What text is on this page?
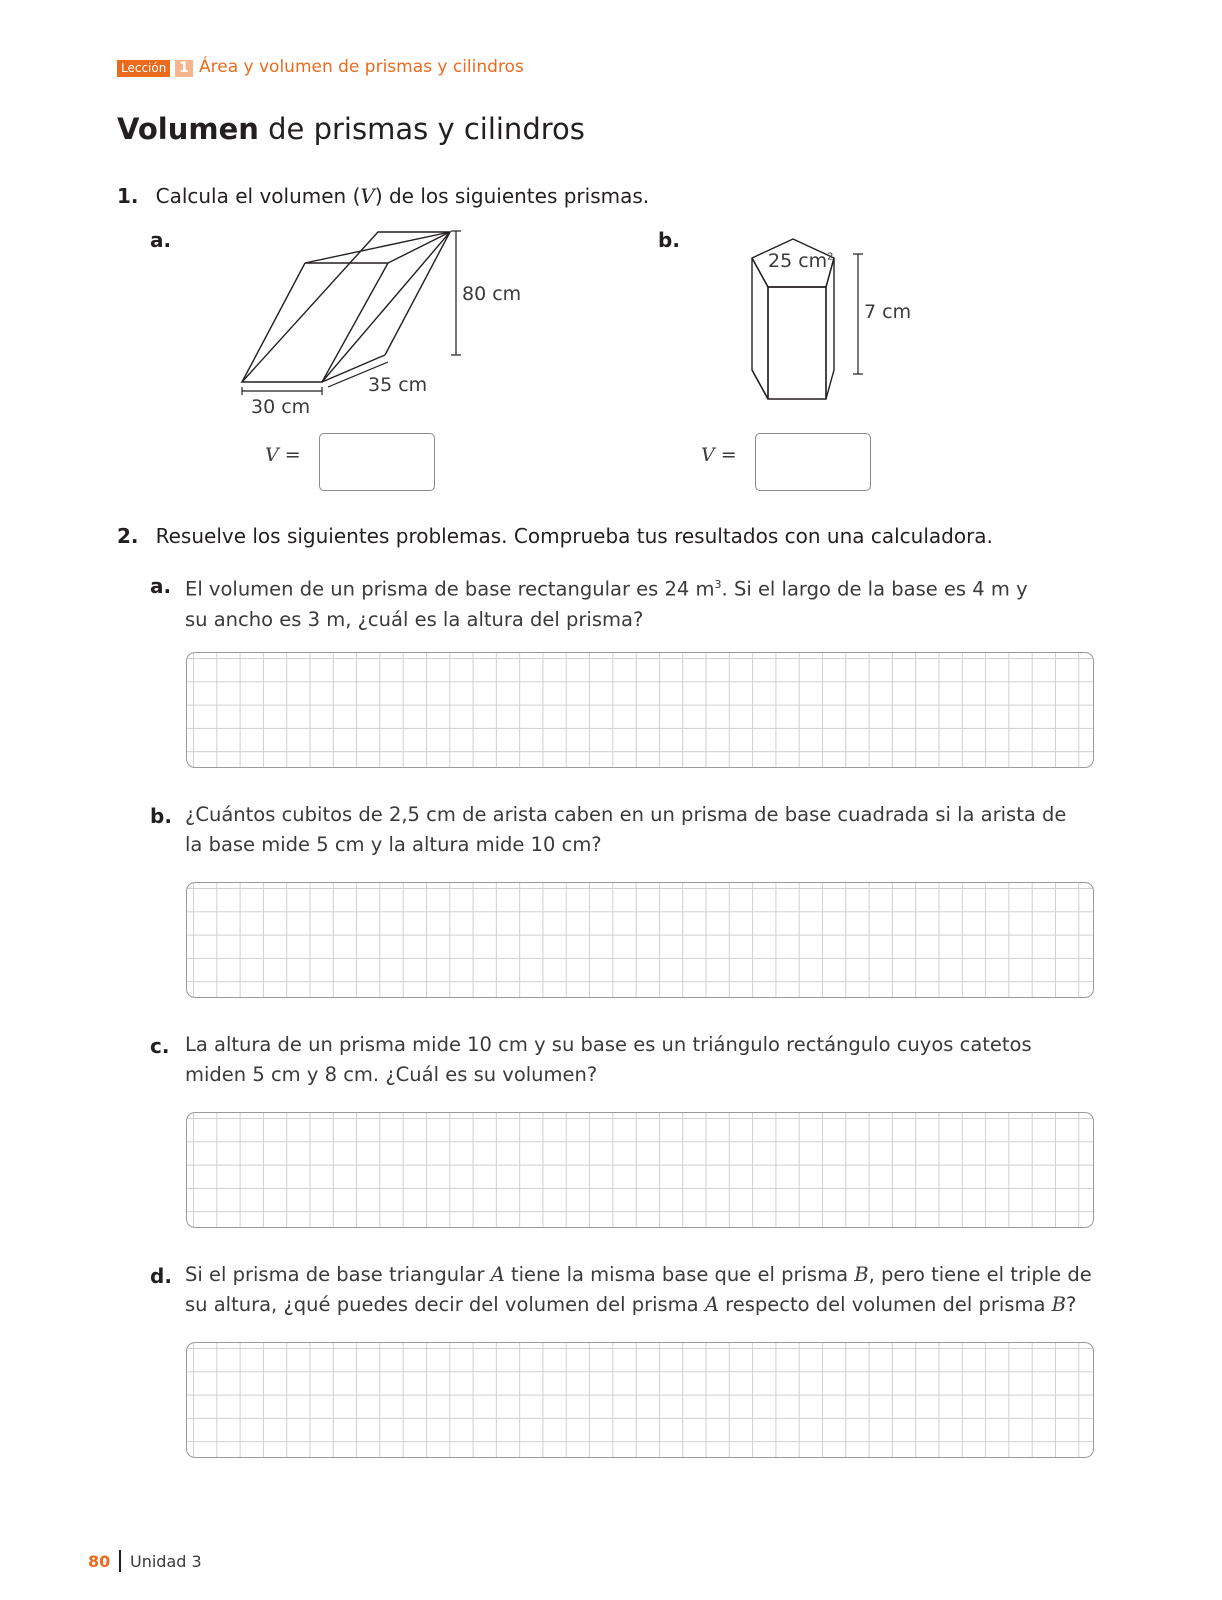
Lección 1 Área y volumen de prismas y cilindros
Volumen de prismas y cilindros
1. Calcula el volumen (V) de los siguientes prismas.
a.	b.
80 cm
35 cm
30 cm
V =
25 $cm^2$
7 cm
V =
2. Resuelve los siguientes problemas. Comprueba tus resultados con una calculadora.
a. El volumen de un prisma de base rectangular es 24 $m^3$. Si el largo de la base es 4 m y
su ancho es 3 m, ¿cuál es la altura del prisma?
b. ¿Cuántos cubitos de 2,5 cm de arista caben en un prisma de base cuadrada si la arista de
la base mide 5 cm y la altura mide 10 cm?
c. La altura de un prisma mide 10 cm y su base es un triángulo rectángulo cuyos catetos
miden 5 cm y 8 cm. ¿Cuál es su volumen?
d. Si el prisma de base triangular A tiene la misma base que el prisma B, pero tiene el triple de
su altura, ¿qué puedes decir del volumen del prisma A respecto del volumen del prisma B?
80 Unidad 3
